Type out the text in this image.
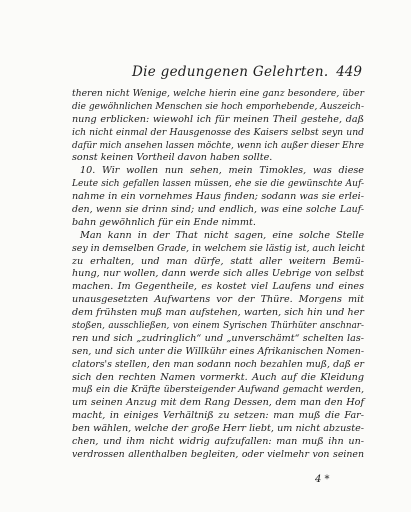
Die gedungenen Gelehrten. 449
theren nicht Wenige, welche hierin eine ganz besondere, über
die gewöhnlichen Menschen sie hoch emporhebende, Auszeich-
nung erblicken: wiewohl ich für meinen Theil gestehe, daß
ich nicht einmal der Hausgenosse des Kaisers selbst seyn und
dafür mich ansehen lassen möchte, wenn ich außer dieser Ehre
sonst keinen Vortheil davon haben sollte.
10. Wir wollen nun sehen, mein Timokles, was diese
Leute sich gefallen lassen müssen, ehe sie die gewünschte Auf-
nahme in ein vornehmes Haus finden; sodann was sie erlei-
den, wenn sie drinn sind; und endlich, was eine solche Lauf-
bahn gewöhnlich für ein Ende nimmt.
Man kann in der That nicht sagen, eine solche Stelle
sey in demselben Grade, in welchem sie lästig ist, auch leicht
zu erhalten, und man dürfe, statt aller weitern Bemü-
hung, nur wollen, dann werde sich alles Uebrige von selbst
machen. Im Gegentheile, es kostet viel Laufens und eines
unausgesetzten Aufwartens vor der Thüre. Morgens mit
dem frühsten muß man aufstehen, warten, sich hin und her
stoßen, ausschließen, von einem Syrischen Thürhüter anschnar-
ren und sich „zudringlich“ und „unverschämt“ schelten las-
sen, und sich unter die Willkühr eines Afrikanischen Nomen-
clators's stellen, den man sodann noch bezahlen muß, daß er
sich den rechten Namen vormerkt. Auch auf die Kleidung
muß ein die Kräfte übersteigender Aufwand gemacht werden,
um seinen Anzug mit dem Rang Dessen, dem man den Hof
macht, in einiges Verhältniß zu setzen: man muß die Far-
ben wählen, welche der große Herr liebt, um nicht abzuste-
chen, und ihm nicht widrig aufzufallen: man muß ihn un-
verdrossen allenthalben begleiten, oder vielmehr von seinen
4 *
